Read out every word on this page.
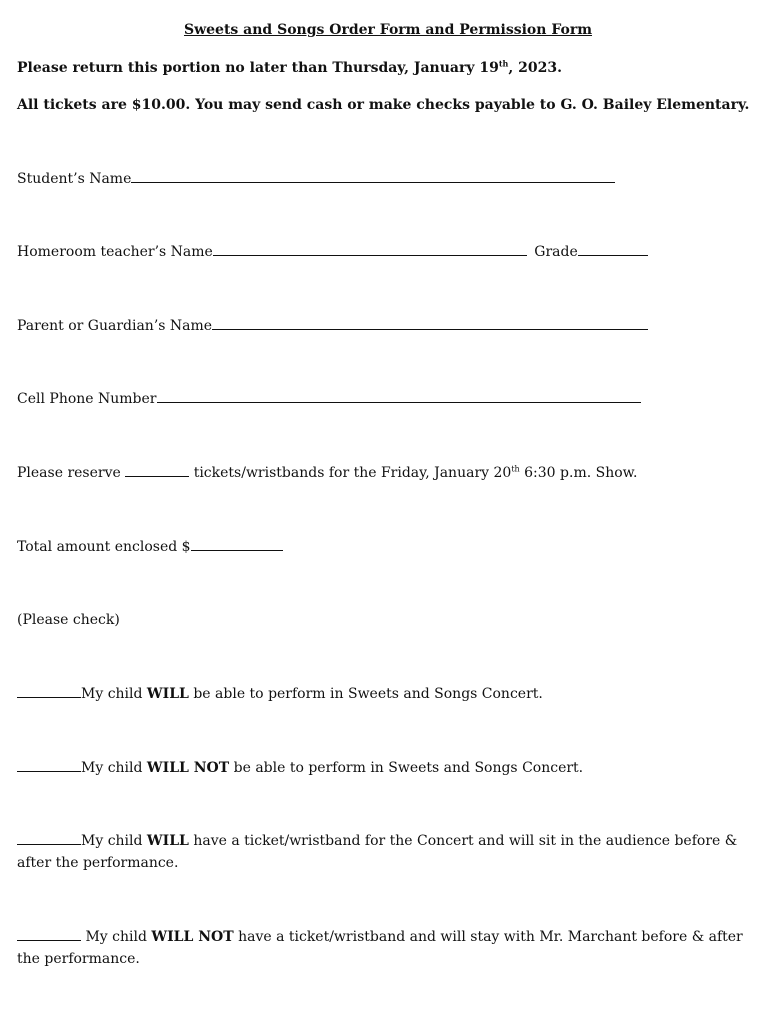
Sweets and Songs Order Form and Permission Form
Please return this portion no later than Thursday, January 19th, 2023.
All tickets are $10.00. You may send cash or make checks payable to G. O. Bailey Elementary.
Student’s Name
Homeroom teacher’s Name	Grade
Parent or Guardian’s Name
Cell Phone Number
Please reserve	tickets/wristbands for the Friday, January 20th 6:30 p.m. Show.
Total amount enclosed $
(Please check)
My child WILL be able to perform in Sweets and Songs Concert.
My child WILL NOT be able to perform in Sweets and Songs Concert.
My child WILL have a ticket/wristband for the Concert and will sit in the audience before & after the performance.
My child WILL NOT have a ticket/wristband and will stay with Mr. Marchant before & after the performance.
